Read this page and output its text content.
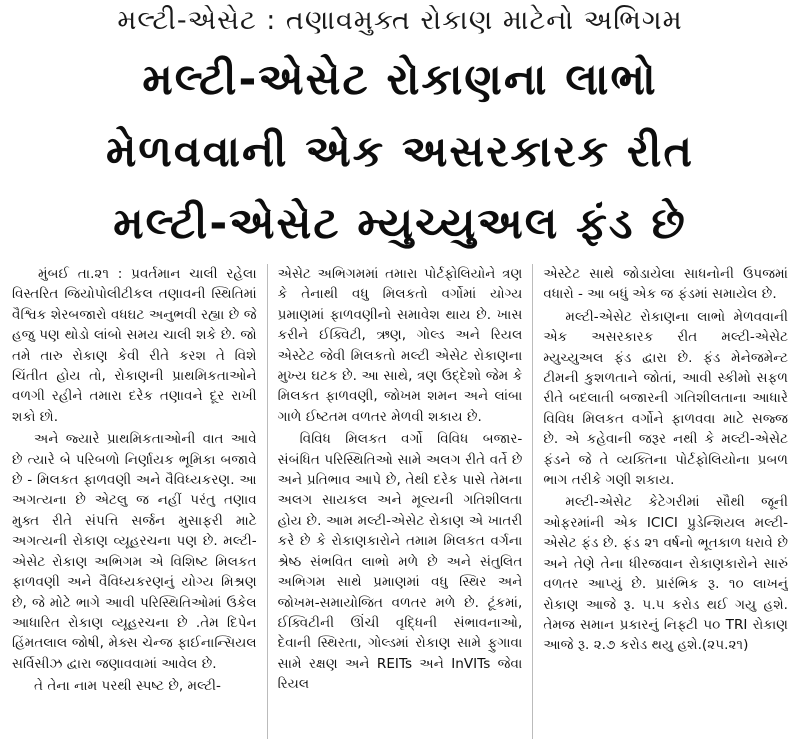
મલ્ટી-એસેટ : તણાવમુક્ત રોકાણ માટેનો અભિગમ
મલ્ટી-એસેટ રોકાણના લાભો
મેળવવાની એક અસરકારક રીત
મલ્ટી-એસેટ મ્યુચ્યુઅલ ફંડ છે

મુંબઈ તા.૨૧ : પ્રવર્તમાન ચાલી રહેલા વિસ્તરિત જિયોપોલીટીકલ તણાવની સ્થિતિમાં વૈશ્વિક શેરબજારો વધઘટ અનુભવી રહ્યા છે જે હજુ પણ થોડો લાંબો સમય ચાલી શકે છે. જો તમે તારુ રોકાણ કેવી રીતે કરશ તે વિશે ચિંતીત હોય તો, રોકાણની પ્રાથમિકતાઓને વળગી રહીને તમારા દરેક તણાવને દૂર રાખી શકો છો.

અને જ્યારે પ્રાથમિકતાઓની વાત આવે છે ત્યારે બે પરિબળો નિર્ણાયક ભૂમિકા બજાવે છે - મિલકત ફાળવણી અને વૈવિધ્યકરણ. આ અગત્યના છે એટલુ જ નહીં પરંતુ તણાવ મુક્ત રીતે સંપત્તિ સર્જન મુસાફરી માટે અગત્યની રોકાણ વ્યૂહરચના પણ છે. મલ્ટી-એસેટ રોકાણ અભિગમ એ વિશિષ્ટ મિલકત ફાળવણી અને વૈવિધ્યકરણનું યોગ્ય મિશ્રણ છે, જે મોટે ભાગે આવી પરિસ્થિતિઓમાં ઉકેલ આધારિત રોકાણ વ્યૂહરચના છે .તેમ દિપેન હિંમતલાલ જોષી, મેક્સ ચેન્જ ફાઈનાન્સિયલ સર્વિસીઝ દ્વારા જણાવવામાં આવેલ છે.

તે તેના નામ પરથી સ્પષ્ટ છે, મલ્ટી-

એસેટ અભિગમમાં તમારા પોર્ટફોલિયોને ત્રણ કે તેનાથી વધુ મિલકતો વર્ગોમાં યોગ્ય પ્રમાણમાં ફાળવણીનો સમાવેશ થાય છે. ખાસ કરીને ઈક્વિટી, ઋણ, ગોલ્ડ અને રિયલ એસ્ટેટ જેવી મિલકતો મલ્ટી એસેટ રોકાણના મુખ્ય ઘટક છે. આ સાથે, ત્રણ ઉદ્દેશો જેમ કે મિલકત ફાળવણી, જોખમ શમન અને લાંબા ગાળે ઈષ્ટતમ વળતર મેળવી શકાય છે.

વિવિધ મિલકત વર્ગો વિવિધ બજાર-સંબંધિત પરિસ્થિતિઓ સામે અલગ રીતે વર્તે છે અને પ્રતિભાવ આપે છે, તેથી દરેક પાસે તેમના અલગ સાયકલ અને મૂલ્યની ગતિશીલતા હોય છે. આમ મલ્ટી-એસેટ રોકાણ એ ખાતરી કરે છે કે રોકાણકારોને તમામ મિલકત વર્ગના શ્રેષ્ઠ સંભવિત લાભો મળે છે અને સંતુલિત અભિગમ સાથે પ્રમાણમાં વધુ સ્થિર અને જોખમ-સમાયોજિત વળતર મળે છે. ટૂંકમાં, ઈક્વિટીની ઊંચી વૃદ્ધિની સંભાવનાઓ, દેવાની સ્થિરતા, ગોલ્ડમાં રોકાણ સામે ફુગાવા સામે રક્ષણ અને REITs અને InVITs જેવા રિયલ

એસ્ટેટ સાથે જોડાયેલા સાધનોની ઉપજમાં વધારો - આ બધું એક જ ફંડમાં સમાયેલ છે.

મલ્ટી-એસેટ રોકાણના લાભો મેળવવાની એક અસરકારક રીત મલ્ટી-એસેટ મ્યુચ્યુઅલ ફંડ દ્વારા છે. ફંડ મેનેજમેન્ટ ટીમની કુશળતાને જોતાં, આવી સ્કીમો સફળ રીતે બદલાતી બજારની ગતિશીલતાના આધારે વિવિધ મિલકત વર્ગોને ફાળવવા માટે સજ્જ છે. એ કહેવાની જરૂર નથી કે મલ્ટી-એસેટ ફંડને જે તે વ્યક્તિના પોર્ટફોલિયોના પ્રબળ ભાગ તરીકે ગણી શકાય.

મલ્ટી-એસેટ કેટેગરીમાં સૌથી જૂની ઓફરમાંની એક ICICI પ્રુડેન્શિયલ મલ્ટી-એસેટ ફંડ છે. ફંડ ૨૧ વર્ષનો ભૂતકાળ ધરાવે છે અને તેણે તેના ધીરજવાન રોકાણકારોને સારું વળતર આપ્યું છે. પ્રારંભિક રૂ. ૧૦ લાખનું રોકાણ આજે રૂ. ૫.૫ કરોડ થઈ ગયુ હશે. તેમજ સમાન પ્રકારનું નિફ્ટી ૫૦ TRI રોકાણ આજે રૂ. ૨.૭ કરોડ થયુ હશે.(૨૫.૨૧)
